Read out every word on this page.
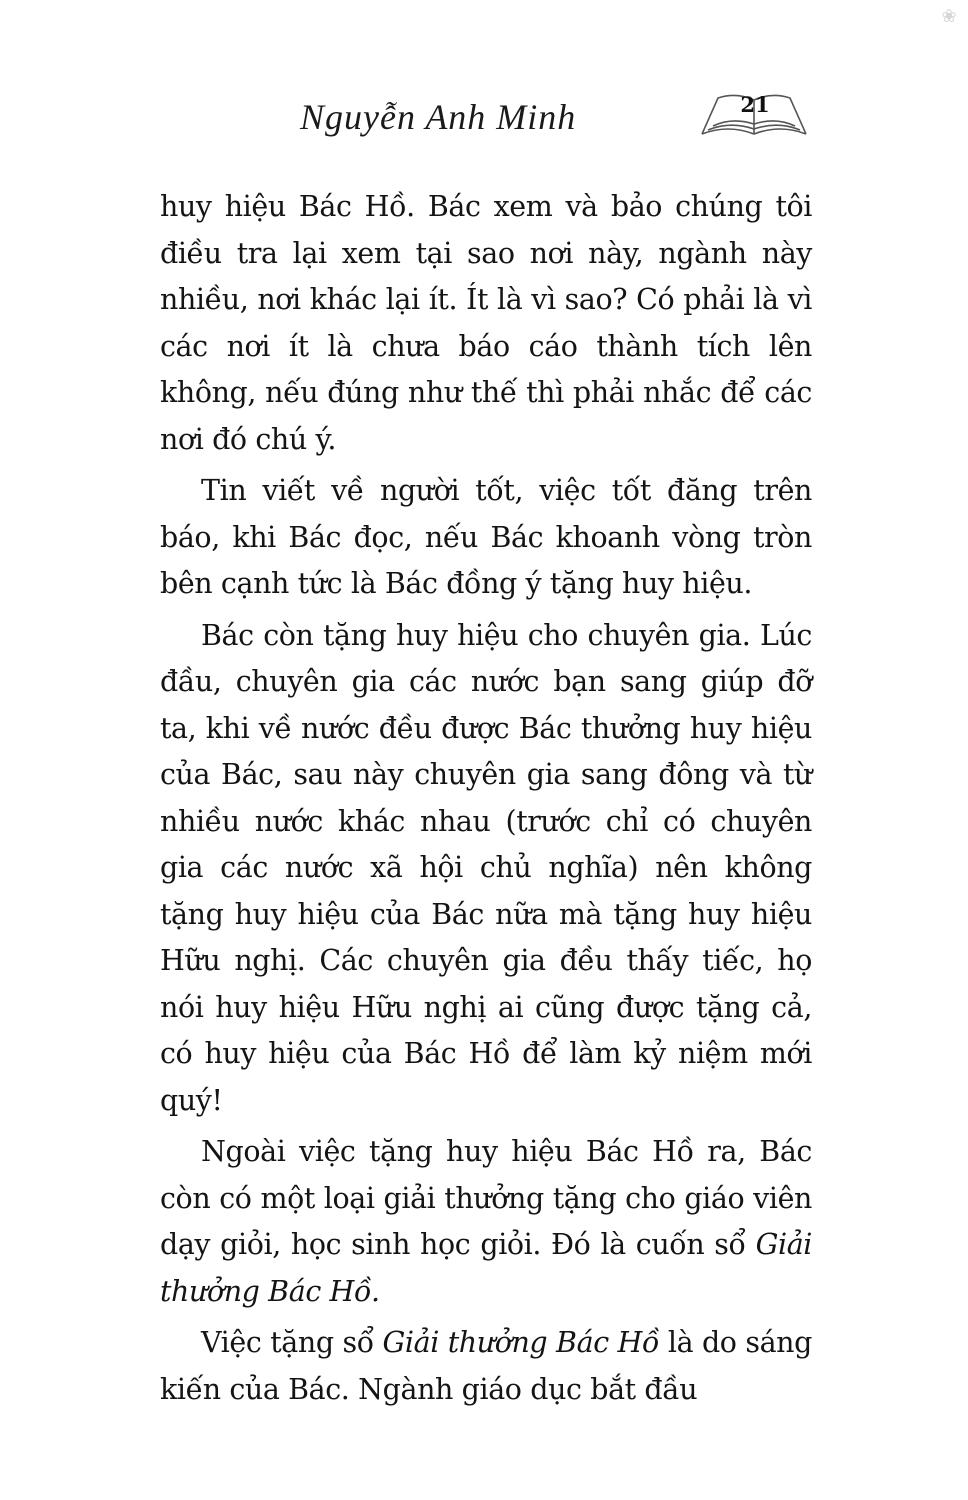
❀
Nguyễn Anh Minh	21

huy hiệu Bác Hồ. Bác xem và bảo chúng tôi điều tra lại xem tại sao nơi này, ngành này nhiều, nơi khác lại ít. Ít là vì sao? Có phải là vì các nơi ít là chưa báo cáo thành tích lên không, nếu đúng như thế thì phải nhắc để các nơi đó chú ý.

Tin viết về người tốt, việc tốt đăng trên báo, khi Bác đọc, nếu Bác khoanh vòng tròn bên cạnh tức là Bác đồng ý tặng huy hiệu.

Bác còn tặng huy hiệu cho chuyên gia. Lúc đầu, chuyên gia các nước bạn sang giúp đỡ ta, khi về nước đều được Bác thưởng huy hiệu của Bác, sau này chuyên gia sang đông và từ nhiều nước khác nhau (trước chỉ có chuyên gia các nước xã hội chủ nghĩa) nên không tặng huy hiệu của Bác nữa mà tặng huy hiệu Hữu nghị. Các chuyên gia đều thấy tiếc, họ nói huy hiệu Hữu nghị ai cũng được tặng cả, có huy hiệu của Bác Hồ để làm kỷ niệm mới quý!

Ngoài việc tặng huy hiệu Bác Hồ ra, Bác còn có một loại giải thưởng tặng cho giáo viên dạy giỏi, học sinh học giỏi. Đó là cuốn sổ Giải thưởng Bác Hồ.

Việc tặng sổ Giải thưởng Bác Hồ là do sáng kiến của Bác. Ngành giáo dục bắt đầu
